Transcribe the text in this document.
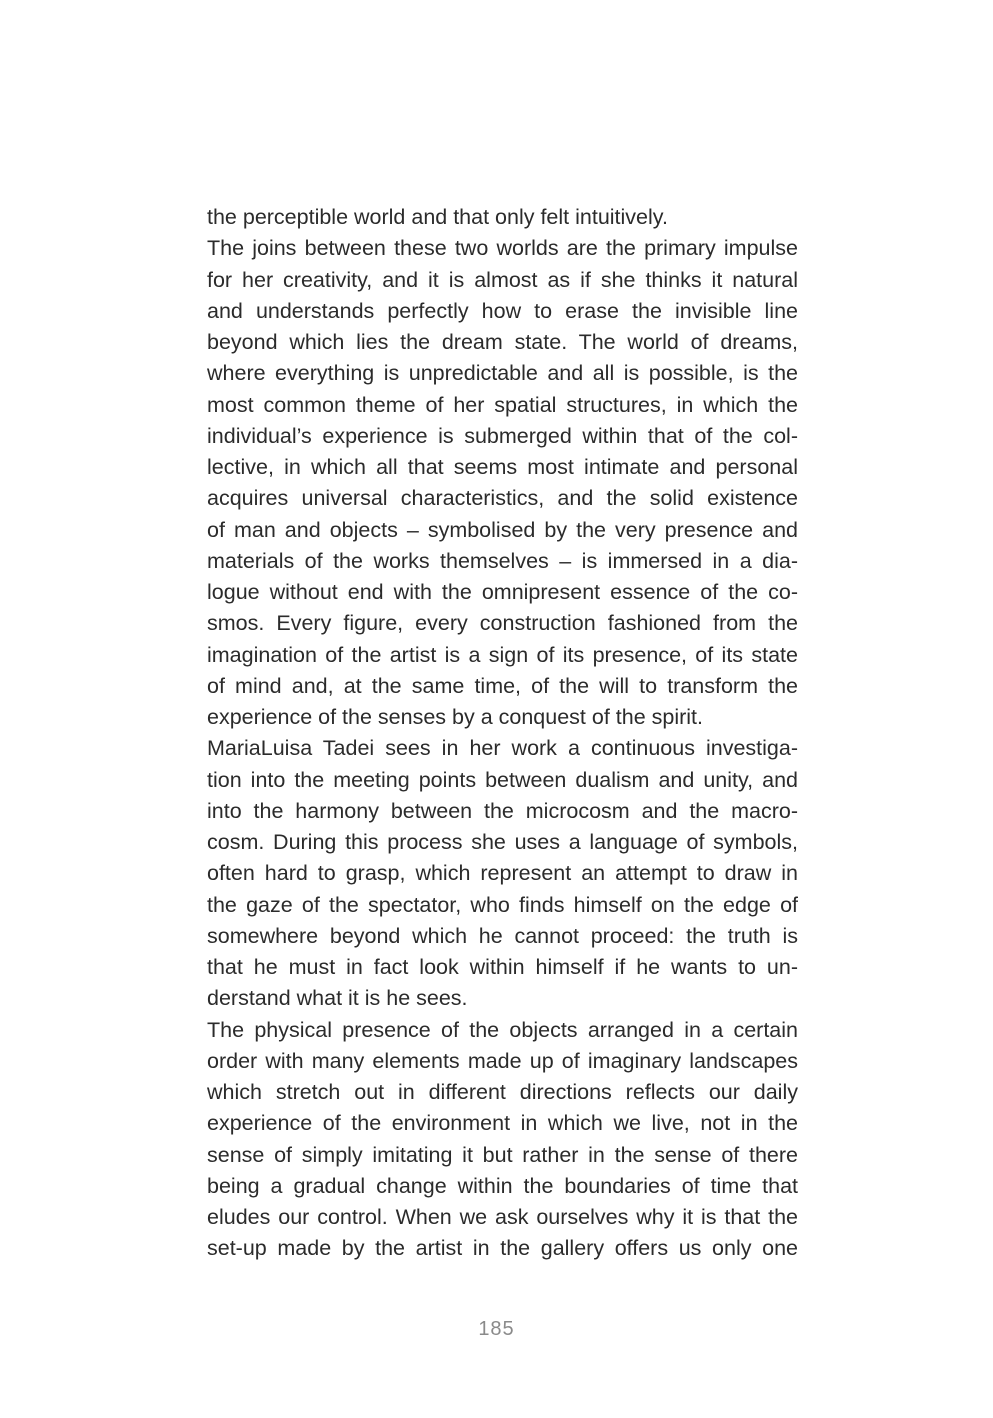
the perceptible world and that only felt intuitively.
The joins between these two worlds are the primary impulse
for her creativity, and it is almost as if she thinks it natural
and understands perfectly how to erase the invisible line
beyond which lies the dream state. The world of dreams,
where everything is unpredictable and all is possible, is the
most common theme of her spatial structures, in which the
individual’s experience is submerged within that of the col-
lective, in which all that seems most intimate and personal
acquires universal characteristics, and the solid existence
of man and objects – symbolised by the very presence and
materials of the works themselves – is immersed in a dia-
logue without end with the omnipresent essence of the co-
smos. Every figure, every construction fashioned from the
imagination of the artist is a sign of its presence, of its state
of mind and, at the same time, of the will to transform the
experience of the senses by a conquest of the spirit.
MariaLuisa Tadei sees in her work a continuous investiga-
tion into the meeting points between dualism and unity, and
into the harmony between the microcosm and the macro-
cosm. During this process she uses a language of symbols,
often hard to grasp, which represent an attempt to draw in
the gaze of the spectator, who finds himself on the edge of
somewhere beyond which he cannot proceed: the truth is
that he must in fact look within himself if he wants to un-
derstand what it is he sees.
The physical presence of the objects arranged in a certain
order with many elements made up of imaginary landscapes
which stretch out in different directions reflects our daily
experience of the environment in which we live, not in the
sense of simply imitating it but rather in the sense of there
being a gradual change within the boundaries of time that
eludes our control. When we ask ourselves why it is that the
set-up made by the artist in the gallery offers us only one
185
